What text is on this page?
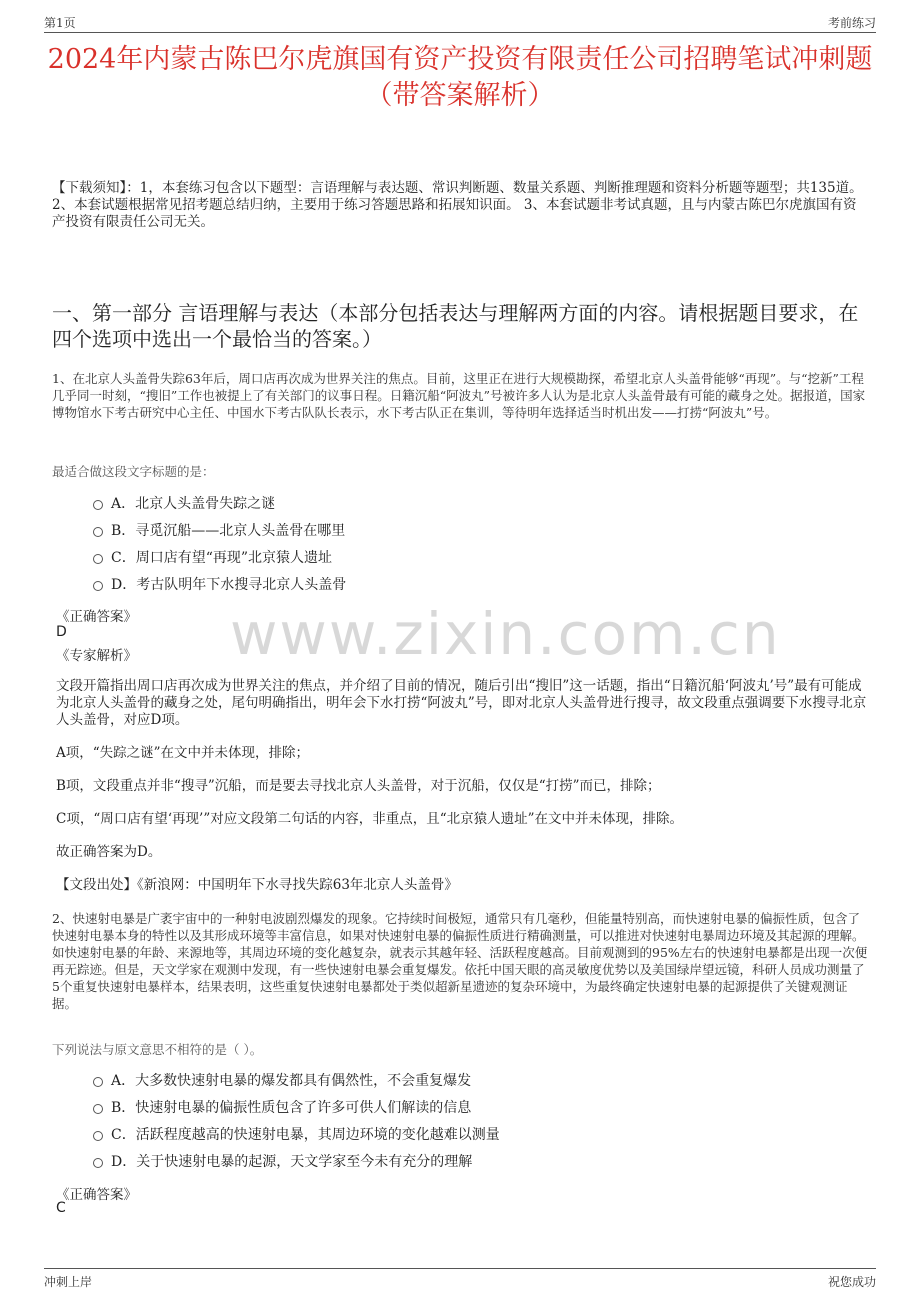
第1页	考前练习
2024年内蒙古陈巴尔虎旗国有资产投资有限责任公司招聘笔试冲刺题（带答案解析）
【下载须知】：1，本套练习包含以下题型：言语理解与表达题、常识判断题、数量关系题、判断推理题和资料分析题等题型；共135道。 2、本套试题根据常见招考题总结归纳，主要用于练习答题思路和拓展知识面。 3、本套试题非考试真题，且与内蒙古陈巴尔虎旗国有资产投资有限责任公司无关。
一、第一部分 言语理解与表达（本部分包括表达与理解两方面的内容。请根据题目要求，在四个选项中选出一个最恰当的答案。）
1、在北京人头盖骨失踪63年后，周口店再次成为世界关注的焦点。目前，这里正在进行大规模勘探，希望北京人头盖骨能够“再现”。与“挖新”工程几乎同一时刻，“搜旧”工作也被提上了有关部门的议事日程。日籍沉船“阿波丸”号被许多人认为是北京人头盖骨最有可能的藏身之处。据报道，国家博物馆水下考古研究中心主任、中国水下考古队队长表示，水下考古队正在集训，等待明年选择适当时机出发——打捞“阿波丸”号。
最适合做这段文字标题的是：
A．北京人头盖骨失踪之谜
B．寻觅沉船——北京人头盖骨在哪里
C．周口店有望“再现”北京猿人遗址
D．考古队明年下水搜寻北京人头盖骨
《正确答案》
D
《专家解析》 www.zixin.com.cn
文段开篇指出周口店再次成为世界关注的焦点，并介绍了目前的情况，随后引出“搜旧”这一话题，指出“日籍沉船‘阿波丸’号”最有可能成为北京人头盖骨的藏身之处，尾句明确指出，明年会下水打捞“阿波丸”号，即对北京人头盖骨进行搜寻，故文段重点强调要下水搜寻北京人头盖骨，对应D项。
A项，“失踪之谜”在文中并未体现，排除；
B项，文段重点并非“搜寻”沉船，而是要去寻找北京人头盖骨，对于沉船，仅仅是“打捞”而已，排除；
C项，“周口店有望‘再现’”对应文段第二句话的内容，非重点，且“北京猿人遗址”在文中并未体现，排除。
故正确答案为D。
【文段出处】《新浪网：中国明年下水寻找失踪63年北京人头盖骨》
2、快速射电暴是广袤宇宙中的一种射电波剧烈爆发的现象。它持续时间极短，通常只有几毫秒，但能量特别高，而快速射电暴的偏振性质，包含了快速射电暴本身的特性以及其形成环境等丰富信息，如果对快速射电暴的偏振性质进行精确测量，可以推进对快速射电暴周边环境及其起源的理解。如快速射电暴的年龄、来源地等，其周边环境的变化越复杂，就表示其越年轻、活跃程度越高。目前观测到的95%左右的快速射电暴都是出现一次便再无踪迹。但是，天文学家在观测中发现，有一些快速射电暴会重复爆发。依托中国天眼的高灵敏度优势以及美国绿岸望远镜，科研人员成功测量了5个重复快速射电暴样本，结果表明，这些重复快速射电暴都处于类似超新星遗迹的复杂环境中，为最终确定快速射电暴的起源提供了关键观测证据。
下列说法与原文意思不相符的是（ ）。
A．大多数快速射电暴的爆发都具有偶然性，不会重复爆发
B．快速射电暴的偏振性质包含了许多可供人们解读的信息
C．活跃程度越高的快速射电暴，其周边环境的变化越难以测量
D．关于快速射电暴的起源，天文学家至今未有充分的理解
《正确答案》
C
冲刺上岸	祝您成功
